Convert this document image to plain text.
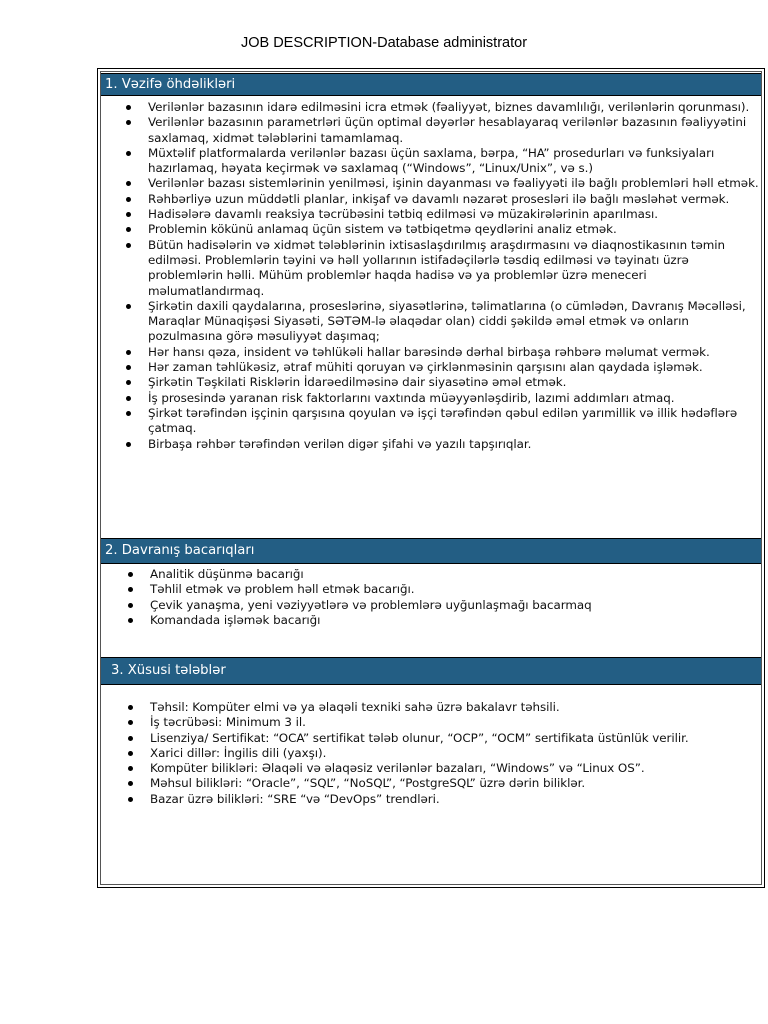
JOB DESCRIPTION-Database administrator
1. Vəzifə öhdəlikləri
Verilənlər bazasının idarə edilməsini icra etmək (fəaliyyət, biznes davamlılığı, verilənlərin qorunması).
Verilənlər bazasının parametrləri üçün optimal dəyərlər hesablayaraq verilənlər bazasının fəaliyyətini saxlamaq, xidmət tələblərini tamamlamaq.
Müxtəlif platformalarda verilənlər bazası üçün saxlama, bərpa, “HA” prosedurları və funksiyaları hazırlamaq, həyata keçirmək və saxlamaq (“Windows”, “Linux/Unix”, və s.)
Verilənlər bazası sistemlərinin yenilməsi, işinin dayanması və fəaliyyəti ilə bağlı problemləri həll etmək.
Rəhbərliyə uzun müddətli planlar, inkişaf və davamlı nəzarət prosesləri ilə bağlı məsləhət vermək.
Hadisələrə davamlı reaksiya təcrübəsini tətbiq edilməsi və müzakirələrinin aparılması.
Problemin kökünü anlamaq üçün sistem və tətbiqetmə qeydlərini analiz etmək.
Bütün hadisələrin və xidmət tələblərinin ixtisaslaşdırılmış araşdırmasını və diaqnostikasının təmin edilməsi. Problemlərin təyini və həll yollarının istifadəçilərlə təsdiq edilməsi və təyinatı üzrə problemlərin həlli. Mühüm problemlər haqda hadisə və ya problemlər üzrə meneceri məlumatlandırmaq.
Şirkətin daxili qaydalarına, proseslərinə, siyasətlərinə, təlimatlarına (o cümlədən, Davranış Məcəlləsi, Maraqlar Münaqişəsi Siyasəti, SƏTƏM-lə əlaqədar olan) ciddi şəkildə əməl etmək və onların pozulmasına görə məsuliyyət daşımaq;
Hər hansı qəza, insident və təhlükəli hallar barəsində dərhal birbaşa rəhbərə məlumat vermək.
Hər zaman təhlükəsiz, ətraf mühiti qoruyan və çirklənməsinin qarşısını alan qaydada işləmək.
Şirkətin Təşkilati Risklərin İdarəedilməsinə dair siyasətinə əməl etmək.
İş prosesində yaranan risk faktorlarını vaxtında müəyyənləşdirib, lazımi addımları atmaq.
Şirkət tərəfindən işçinin qarşısına qoyulan və işçi tərəfindən qəbul edilən yarımillik və illik hədəflərə çatmaq.
Birbaşa rəhbər tərəfindən verilən digər şifahi və yazılı tapşırıqlar.
2. Davranış bacarıqları
Analitik düşünmə bacarığı
Təhlil etmək və problem həll etmək bacarığı.
Çevik yanaşma, yeni vəziyyətlərə və problemlərə uyğunlaşmağı bacarmaq
Komandada işləmək bacarığı
3. Xüsusi tələblər
Təhsil: Kompüter elmi və ya əlaqəli texniki sahə üzrə bakalavr təhsili.
İş təcrübəsi: Minimum 3 il.
Lisenziya/ Sertifikat: “OCA” sertifikat tələb olunur, “OCP”, “OCM” sertifikata üstünlük verilir.
Xarici dillər: İngilis dili (yaxşı).
Kompüter bilikləri: Əlaqəli və əlaqəsiz verilənlər bazaları, “Windows” və “Linux OS”.
Məhsul bilikləri: “Oracle”, “SQL”, “NoSQL”, “PostgreSQL” üzrə dərin biliklər.
Bazar üzrə bilikləri: “SRE “və “DevOps” trendləri.
